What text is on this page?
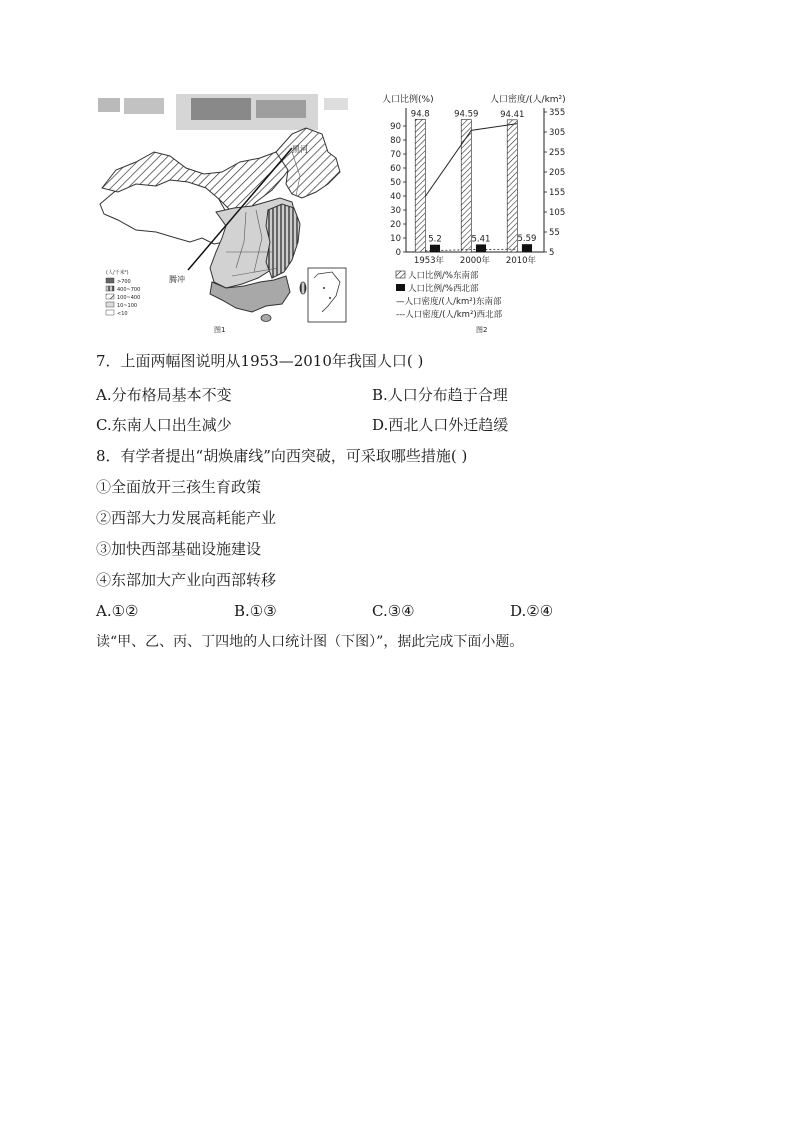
黑河
腾冲
(人/千米²)
>700
400~700
100~400
10~100
<10
图1
人口比例(%)	人口密度/(人/km²)
0
10
20
30
40
50
60
70
80
90
5
55
105
155
205
255
305
355
94.8
5.2
1953年
94.59
5.41
2000年
94.41
5.59
2010年
人口比例/%东南部
人口比例/%西北部
—人口密度/(人/km²)东南部
---人口密度/(人/km²)西北部
图2
7．上面两幅图说明从1953—2010年我国人口( )
A.分布格局基本不变	B.人口分布趋于合理
C.东南人口出生减少	D.西北人口外迁趋缓
8．有学者提出“胡焕庸线”向西突破，可采取哪些措施( )
①全面放开三孩生育政策
②西部大力发展高耗能产业
③加快西部基础设施建设
④东部加大产业向西部转移
A.①②	B.①③	C.③④	D.②④
读“甲、乙、丙、丁四地的人口统计图（下图）”，据此完成下面小题。
